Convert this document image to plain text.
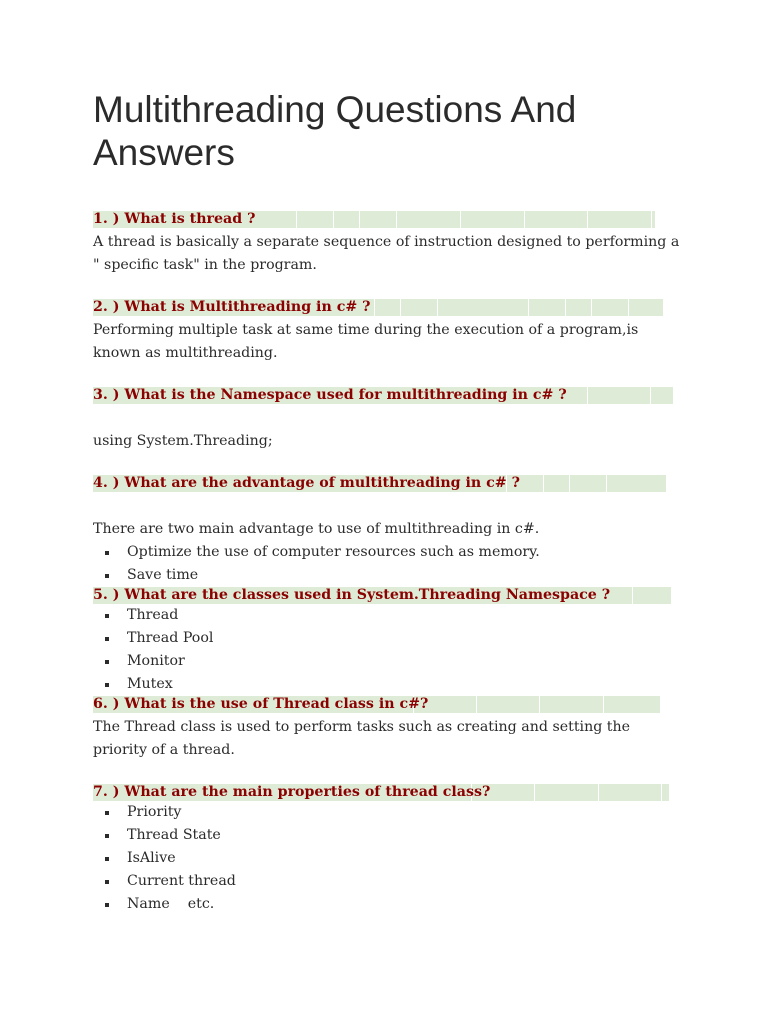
Multithreading Questions And Answers
1. ) What is thread ?

A thread is basically a separate sequence of instruction designed to performing a " specific task" in the program.

2. ) What is Multithreading in c# ?

Performing multiple task at same time during the execution of a program,is known as multithreading.

3. ) What is the Namespace used for multithreading in c# ?

using System.Threading;

4. ) What are the advantage of multithreading in c# ?

There are two main advantage to use of multithreading in c#.

Optimize the use of computer resources such as memory.
Save time
5. ) What are the classes used in System.Threading Namespace ?
Thread
Thread Pool
Monitor
Mutex
6. ) What is the use of Thread class in c#?

The Thread class is used to perform tasks such as creating and setting the priority of a thread.

7. ) What are the main properties of thread class?
Priority
Thread State
IsAlive
Current thread
Name    etc.
